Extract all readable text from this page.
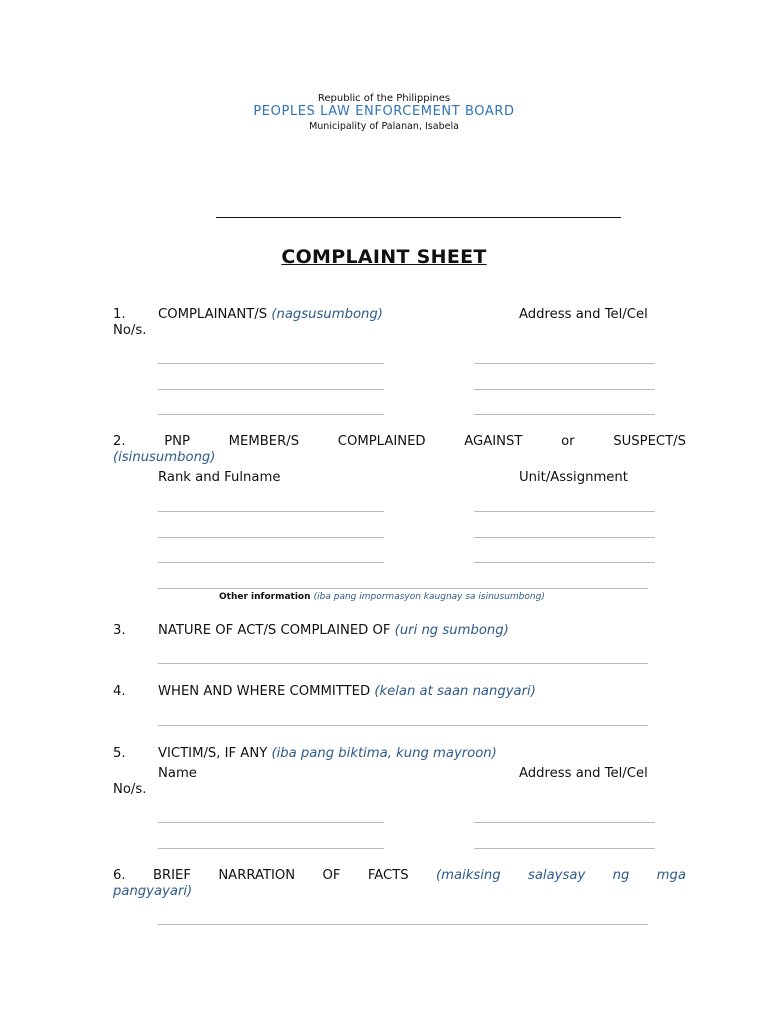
Republic of the Philippines
PEOPLES LAW ENFORCEMENT BOARD
Municipality of Palanan, Isabela
COMPLAINT SHEET
1. COMPLAINANT/S (nagsusumbong)	Address and Tel/Cel
No/s.
2.	PNP	MEMBER/S	COMPLAINED	AGAINST	or	SUSPECT/S
(isinusumbong)
Rank and Fulname	Unit/Assignment
Other information (iba pang impormasyon kaugnay sa isinusumbong)
3. NATURE OF ACT/S COMPLAINED OF (uri ng sumbong)
4. WHEN AND WHERE COMMITTED (kelan at saan nangyari)
5. VICTIM/S, IF ANY (iba pang biktima, kung mayroon)
Name	Address and Tel/Cel
No/s.
6. BRIEF NARRATION OF FACTS (maiksing salaysay ng mga
pangyayari)
